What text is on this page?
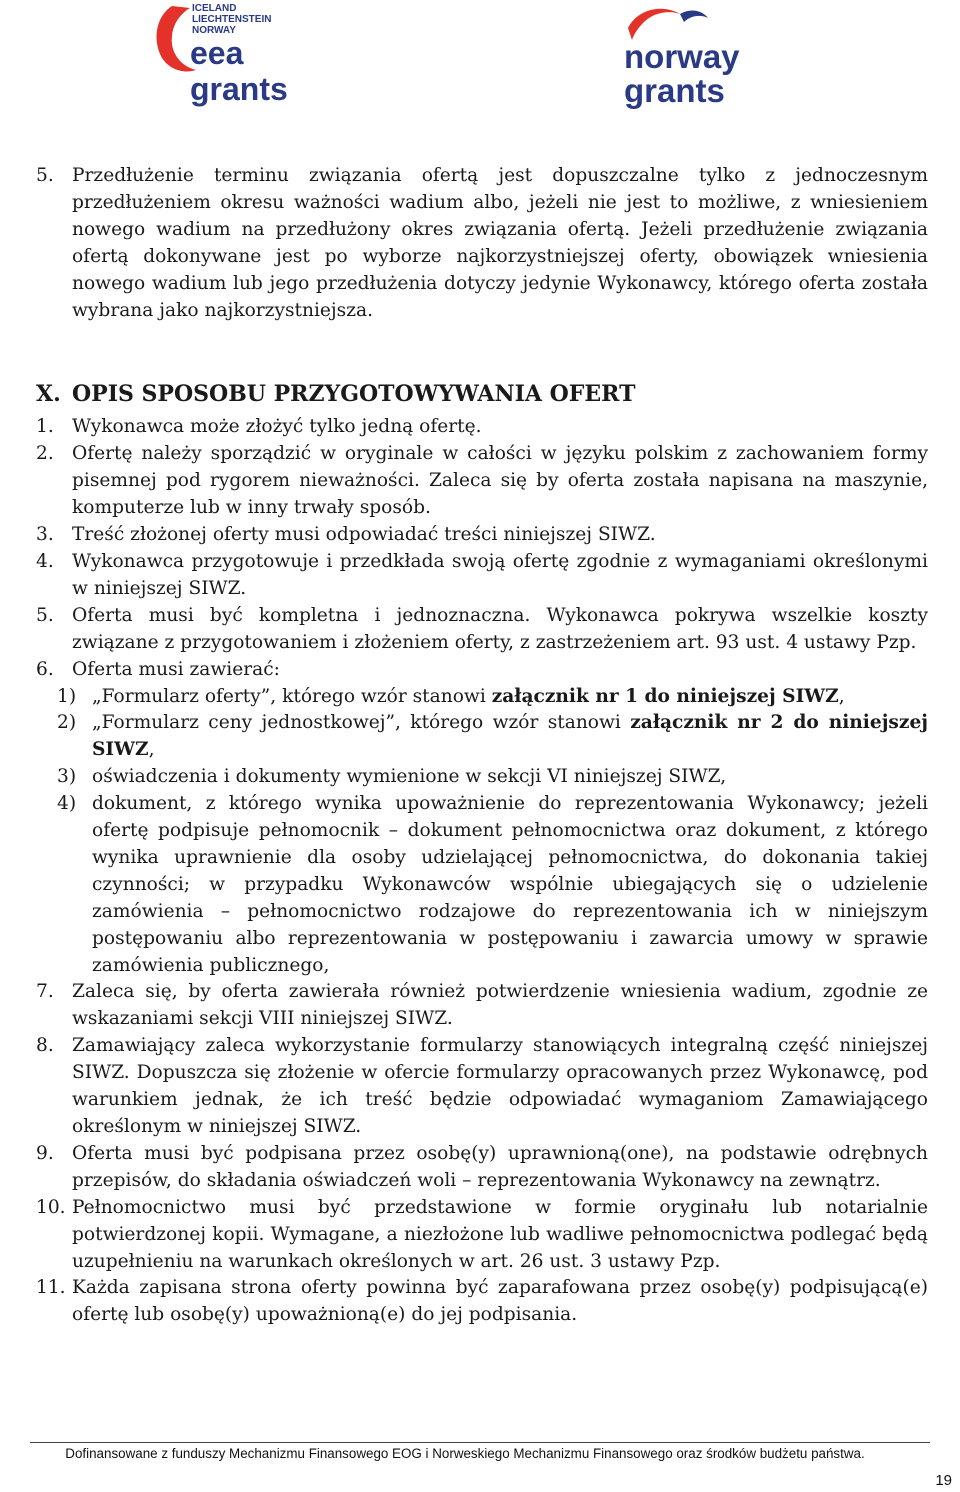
ICELAND
LIECHTENSTEIN
NORWAY
eea
grants
norway
grants
5. Przedłużenie terminu związania ofertą jest dopuszczalne tylko z jednoczesnym przedłużeniem okresu ważności wadium albo, jeżeli nie jest to możliwe, z wniesieniem nowego wadium na przedłużony okres związania ofertą. Jeżeli przedłużenie związania ofertą dokonywane jest po wyborze najkorzystniejszej oferty, obowiązek wniesienia nowego wadium lub jego przedłużenia dotyczy jedynie Wykonawcy, którego oferta została wybrana jako najkorzystniejsza.
X. OPIS SPOSOBU PRZYGOTOWYWANIA OFERT
1. Wykonawca może złożyć tylko jedną ofertę.
2. Ofertę należy sporządzić w oryginale w całości w języku polskim z zachowaniem formy pisemnej pod rygorem nieważności. Zaleca się by oferta została napisana na maszynie, komputerze lub w inny trwały sposób.
3. Treść złożonej oferty musi odpowiadać treści niniejszej SIWZ.
4. Wykonawca przygotowuje i przedkłada swoją ofertę zgodnie z wymaganiami określonymi w niniejszej SIWZ.
5. Oferta musi być kompletna i jednoznaczna. Wykonawca pokrywa wszelkie koszty związane z przygotowaniem i złożeniem oferty, z zastrzeżeniem art. 93 ust. 4 ustawy Pzp.
6. Oferta musi zawierać:
1) „Formularz oferty”, którego wzór stanowi załącznik nr 1 do niniejszej SIWZ,
2) „Formularz ceny jednostkowej”, którego wzór stanowi załącznik nr 2 do niniejszej SIWZ,
3) oświadczenia i dokumenty wymienione w sekcji VI niniejszej SIWZ,
4) dokument, z którego wynika upoważnienie do reprezentowania Wykonawcy; jeżeli ofertę podpisuje pełnomocnik – dokument pełnomocnictwa oraz dokument, z którego wynika uprawnienie dla osoby udzielającej pełnomocnictwa, do dokonania takiej czynności; w przypadku Wykonawców wspólnie ubiegających się o udzielenie zamówienia – pełnomocnictwo rodzajowe do reprezentowania ich w niniejszym postępowaniu albo reprezentowania w postępowaniu i zawarcia umowy w sprawie zamówienia publicznego,
7. Zaleca się, by oferta zawierała również potwierdzenie wniesienia wadium, zgodnie ze wskazaniami sekcji VIII niniejszej SIWZ.
8. Zamawiający zaleca wykorzystanie formularzy stanowiących integralną część niniejszej SIWZ. Dopuszcza się złożenie w ofercie formularzy opracowanych przez Wykonawcę, pod warunkiem jednak, że ich treść będzie odpowiadać wymaganiom Zamawiającego określonym w niniejszej SIWZ.
9. Oferta musi być podpisana przez osobę(y) uprawnioną(one), na podstawie odrębnych przepisów, do składania oświadczeń woli – reprezentowania Wykonawcy na zewnątrz.
10. Pełnomocnictwo musi być przedstawione w formie oryginału lub notarialnie potwierdzonej kopii. Wymagane, a niezłożone lub wadliwe pełnomocnictwa podlegać będą uzupełnieniu na warunkach określonych w art. 26 ust. 3 ustawy Pzp.
11. Każda zapisana strona oferty powinna być zaparafowana przez osobę(y) podpisującą(e) ofertę lub osobę(y) upoważnioną(e) do jej podpisania.
Dofinansowane z funduszy Mechanizmu Finansowego EOG i Norweskiego Mechanizmu Finansowego oraz środków budżetu państwa.
19
